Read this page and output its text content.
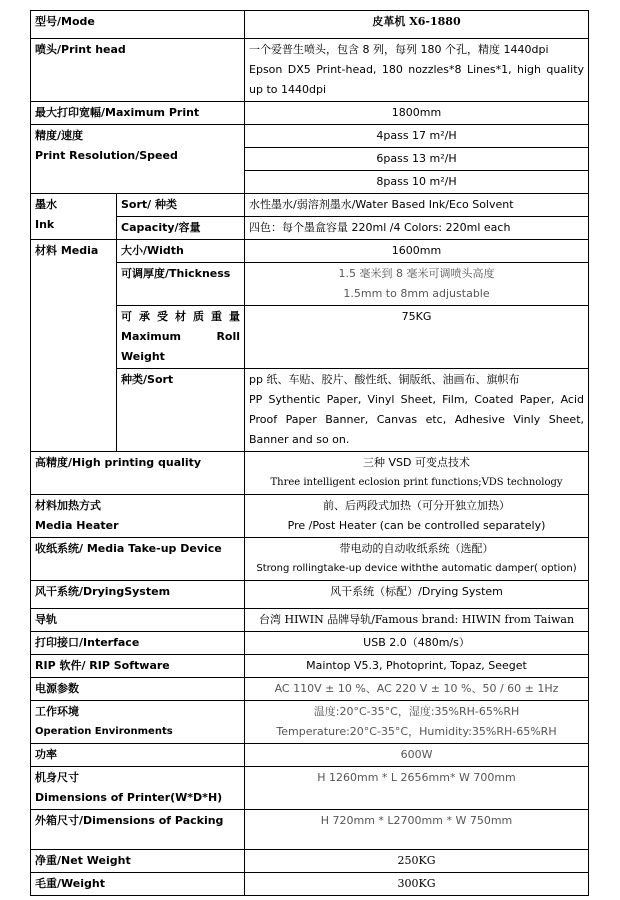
型号/Mode		皮革机 X6-1880
喷头/Print head		一个爱普生喷头，包含 8 列，每列 180 个孔，精度 1440dpi
Epson DX5 Print-head, 180 nozzles*8 Lines*1, high quality up to 1440dpi

最大打印宽幅/Maximum Print		1800mm

精度/速度
Print Resolution/Speed		4pass 17 m²/H
		6pass 13 m²/H
		8pass 10 m²/H

墨水
Ink	Sort/ 种类	水性墨水/弱溶剂墨水/Water Based Ink/Eco Solvent
	Capacity/容量	四色：每个墨盒容量 220ml /4 Colors: 220ml each
材料 Media	大小/Width	1600mm
	可调厚度/Thickness	1.5 毫米到 8 毫米可调喷头高度
1.5mm to 8mm adjustable

	可承受材质重量 Maximum Roll Weight	75KG
	种类/Sort	pp 纸、车贴、胶片、酸性纸、铜版纸、油画布、旗帜布
PP Sythentic Paper, Vinyl Sheet, Film, Coated Paper, Acid Proof Paper Banner, Canvas etc, Adhesive Vinly Sheet, Banner and so on.

高精度/High printing quality		三种 VSD 可变点技术
Three intelligent eclosion print functions;VDS technology

材料加热方式
Media Heater		前、后两段式加热（可分开独立加热）
Pre /Post Heater (can be controlled separately)

收纸系统/ Media Take-up Device		带电动的自动收纸系统（选配）
Strong rollingtake-up device withthe automatic damper( option)

风干系统/DryingSystem		风干系统（标配）/Drying System
导轨		台湾 HIWIN 品牌导轨/Famous brand: HIWIN from Taiwan
打印接口/Interface		USB 2.0（480m/s）
RIP 软件/ RIP Software		Maintop V5.3, Photoprint, Topaz, Seeget
电源参数		AC 110V ± 10 %、AC 220 V ± 10 %、50 / 60 ± 1Hz

工作环境
Operation Environments		温度:20°C-35°C，湿度:35%RH-65%RH
Temperature:20°C-35°C，Humidity:35%RH-65%RH

功率		600W

机身尺寸
Dimensions of Printer(W*D*H)		H 1260mm * L 2656mm* W 700mm
外箱尺寸/Dimensions of Packing		H 720mm * L2700mm * W 750mm
净重/Net Weight		250KG
毛重/Weight		300KG
